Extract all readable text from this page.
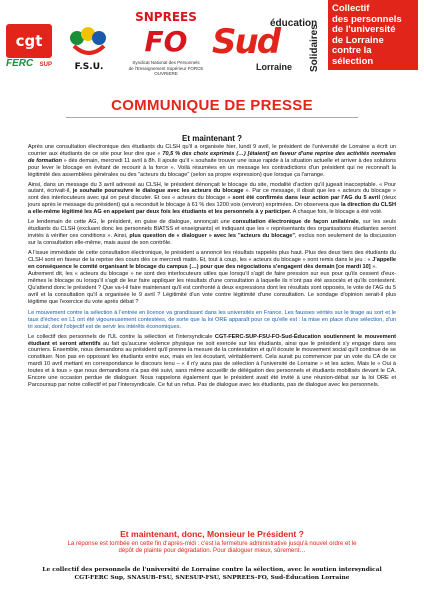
cgt
FERC	SUP	F.S.U.
SNPREES
FO
Syndicat National des Personnels
de l'Enseignement Supérieur FORCE OUVRIERE
Sud
éducation
Solidaires
Lorraine
Collectif
des personnels
de l'université
de Lorraine
contre la
sélection
COMMUNIQUE DE PRESSE
Et maintenant ?

Après une consultation électronique des étudiants du CLSH qu'il a organisée hier, lundi 9 avril, le président de l'université de Lorraine a écrit un courrier aux étudiants de ce site pour leur dire que « 70,5 % des choix exprimés (…) [étaient] en faveur d'une reprise des activités normales de formation » dès demain, mercredi 11 avril à 8h. Il ajoute qu'il « souhaite trouver une issue rapide à la situation actuelle et arriver à des solutions pour lever le blocage en évitant de recourir à la force ». Voilà résumées en un message les contradictions d'un président qui ne reconnaît la légitimité des assemblées générales ou des "acteurs du blocage" (selon sa propre expression) que lorsque ça l'arrange.

Ainsi, dans un message du 3 avril adressé au CLSH, le président dénonçait le blocage du site, modalité d'action qu'il jugeait inacceptable. « Pour autant, écrivait-il, je souhaite poursuivre le dialogue avec les acteurs du blocage ». Par ce message, il disait que les « acteurs du blocage » sont des interlocuteurs avec qui on peut discuter. Et ces « acteurs du blocage » sont été confirmés dans leur action par l'AG du 5 avril (deux jours après le message du président) qui a reconduit le blocage à 61 % des 1200 voix (environ) exprimées. On observera que la direction du CLSH a elle-même légitimé les AG en appelant par deux fois les étudiants et les personnels à y participer. A chaque fois, le blocage a été voté.

Le lendemain de cette AG, le président, en guise de dialogue, annonçait une consultation électronique de façon unilatérale, sur les seuls étudiants du CLSH (excluant donc les personnels BIATSS et enseignants) et indiquant que les « représentants des organisations étudiantes seront invités à vérifier ces conditions ». Ainsi, plus question de « dialoguer » avec les "acteurs du blocage", exclus non seulement de la discussion sur la consultation elle-même, mais aussi de son contrôle.

A l'issue immédiate de cette consultation électronique, le président a annoncé les résultats rappelés plus haut. Plus des deux tiers des étudiants du CLSH sont en faveur de la reprise des cours dès ce mercredi matin. Et, tout à coup, les « acteurs du blocage » sont remis dans le jeu : « J'appelle en conséquence le comité organisant le blocage du campus (…) pour que des négociations s'engagent dès demain [ce mardi 10] ».

Autrement dit, les « acteurs du blocage » ne sont des interlocuteurs utiles que lorsqu'il s'agit de faire pression sur eux pour qu'ils cessent d'eux-mêmes le blocage ou lorsqu'il s'agit de leur faire appliquer les résultats d'une consultation à laquelle ils n'ont pas été associés et qu'ils contestent. Qu'attend donc le président ? Que va-t-il faire maintenant qu'il est confronté à deux expressions dont les résultats sont opposés, le vote de l'AG du 5 avril et la consultation qu'il a organisée le 9 avril ? Légitimité d'un vote contre légitimité d'une consultation. Le sondage d'opinion serait-il plus légitime que l'exercice du vote après débat ?

Le mouvement contre la sélection à l'entrée en licence va grandissant dans les universités en France. Les fausses vérités sur le tirage au sort et le taux d'échec en L1 ont été vigoureusement contestées, de sorte que la loi ORE apparaît pour ce qu'elle est : la mise en place d'une sélection, d'un tri social, dont l'objectif est de servir les intérêts économiques.

Le collectif des personnels de l'UL contre la sélection et l'intersyndicale CGT-FERC-SUP-FSU-FO-Sud-Éducation soutiennent le mouvement étudiant et seront attentifs au fait qu'aucune violence physique ne soit exercée sur les étudiants, ainsi que le président s'y engage dans ses courriers. Ensemble, nous demandons au président qu'il prenne la mesure de la contestation et qu'il écoute le mouvement social qu'il continue de se constituer. Non pas en opposant les étudiants entre eux, mais en les écoutant, véritablement. Cela aurait pu commencer par un vote du CA de ce mardi 10 avril mettant en correspondance le discours tenu – « il n'y aura pas de sélection à l'université de Lorraine » et les actes. Mais le « Oui à toutes et à tous » que nous demandions n'a pas été suivi, sans même accueillir de délégation des personnels et étudiants mobilisés devant le CA. Encore une occasion perdue de dialoguer. Nous rappelons également que le président avait été invité à une réunion-débat sur la loi ORE et Parcoursup par notre collectif et par l'intersyndicale. Ce fut un refus. Pas de dialogue avec les étudiants, pas de dialogue avec les personnels.

Et maintenant, donc, Monsieur le Président ?
La réponse est tombée en cette fin d'après-midi : c'est la fermeture administrative jusqu'à nouvel ordre et le
dépôt de plainte pour dégradation. Pour dialoguer mieux, sûrement…
Le collectif des personnels de l'université de Lorraine contre la sélection, avec le soutien intersyndical
CGT-FERC Sup, SNASUB-FSU, SNESUP-FSU, SNPREES-FO, Sud-Éducation Lorraine
